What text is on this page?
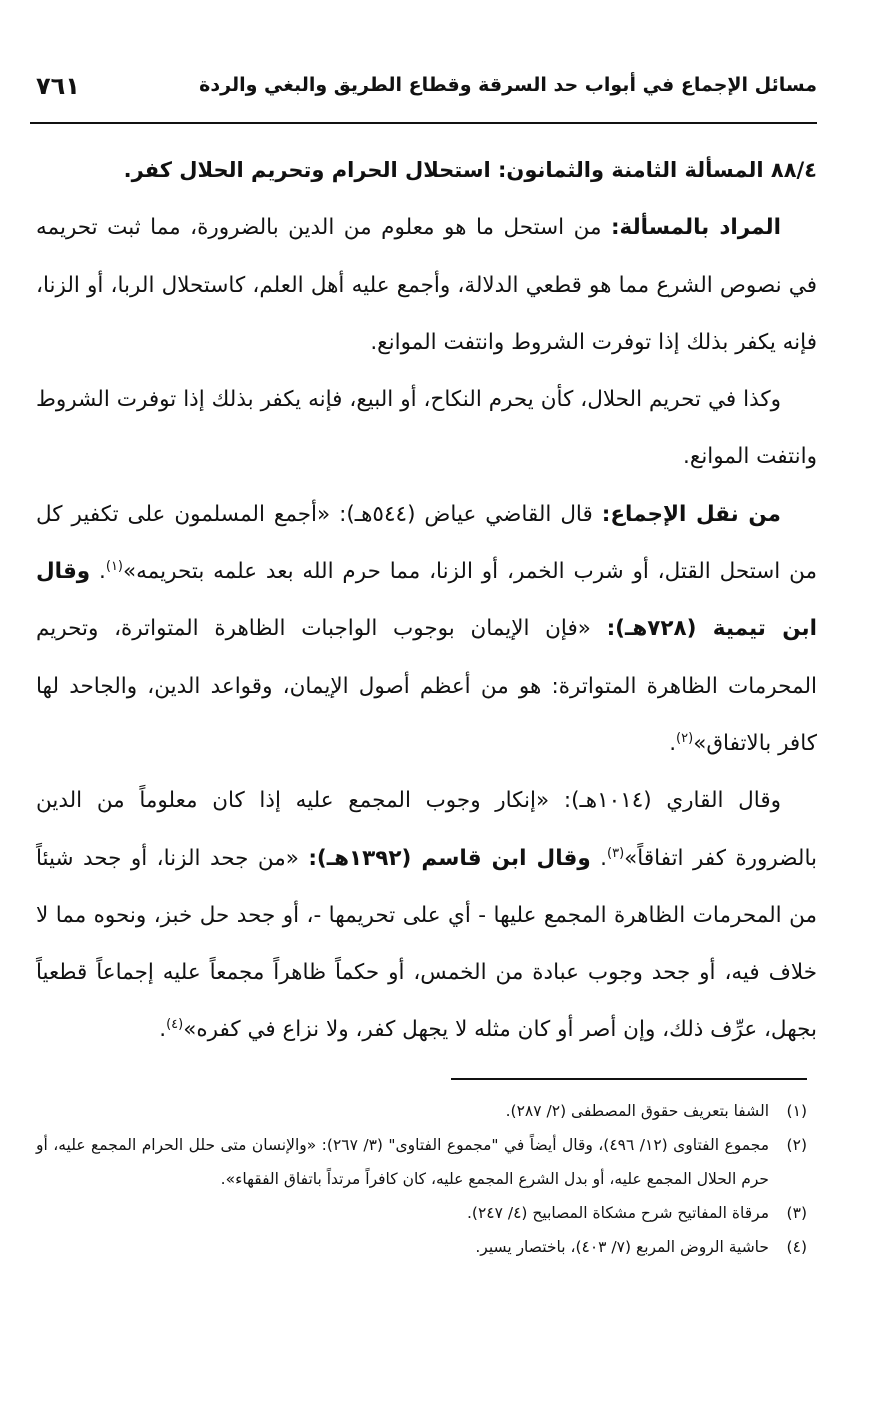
مسائل الإجماع في أبواب حد السرقة وقطاع الطريق والبغي والردة
٧٦١

٨٨/٤ المسألة الثامنة والثمانون: استحلال الحرام وتحريم الحلال كفر.

المراد بالمسألة: من استحل ما هو معلوم من الدين بالضرورة، مما ثبت تحريمه في نصوص الشرع مما هو قطعي الدلالة، وأجمع عليه أهل العلم، كاستحلال الربا، أو الزنا، فإنه يكفر بذلك إذا توفرت الشروط وانتفت الموانع.

وكذا في تحريم الحلال، كأن يحرم النكاح، أو البيع، فإنه يكفر بذلك إذا توفرت الشروط وانتفت الموانع.

من نقل الإجماع: قال القاضي عياض (٥٤٤هـ): «أجمع المسلمون على تكفير كل من استحل القتل، أو شرب الخمر، أو الزنا، مما حرم الله بعد علمه بتحريمه»$^{(١)}$. وقال ابن تيمية (٧٢٨هـ): «فإن الإيمان بوجوب الواجبات الظاهرة المتواترة، وتحريم المحرمات الظاهرة المتواترة: هو من أعظم أصول الإيمان، وقواعد الدين، والجاحد لها كافر بالاتفاق»$^{(٢)}$.

وقال القاري (١٠١٤هـ): «إنكار وجوب المجمع عليه إذا كان معلوماً من الدين بالضرورة كفر اتفاقاً»$^{(٣)}$. وقال ابن قاسم (١٣٩٢هـ): «من جحد الزنا، أو جحد شيئاً من المحرمات الظاهرة المجمع عليها - أي على تحريمها -، أو جحد حل خبز، ونحوه مما لا خلاف فيه، أو جحد وجوب عبادة من الخمس، أو حكماً ظاهراً مجمعاً عليه إجماعاً قطعياً بجهل، عرِّف ذلك، وإن أصر أو كان مثله لا يجهل كفر، ولا نزاع في كفره»$^{(٤)}$.

(١)
الشفا بتعريف حقوق المصطفى (٢/ ٢٨٧).
(٢)
مجموع الفتاوى (١٢/ ٤٩٦)، وقال أيضاً في "مجموع الفتاوى" (٣/ ٢٦٧): «والإنسان متى حلل الحرام المجمع عليه، أو حرم الحلال المجمع عليه، أو بدل الشرع المجمع عليه، كان كافراً مرتداً باتفاق الفقهاء».
(٣)
مرقاة المفاتيح شرح مشكاة المصابيح (٤/ ٢٤٧).
(٤)
حاشية الروض المربع (٧/ ٤٠٣)، باختصار يسير.
